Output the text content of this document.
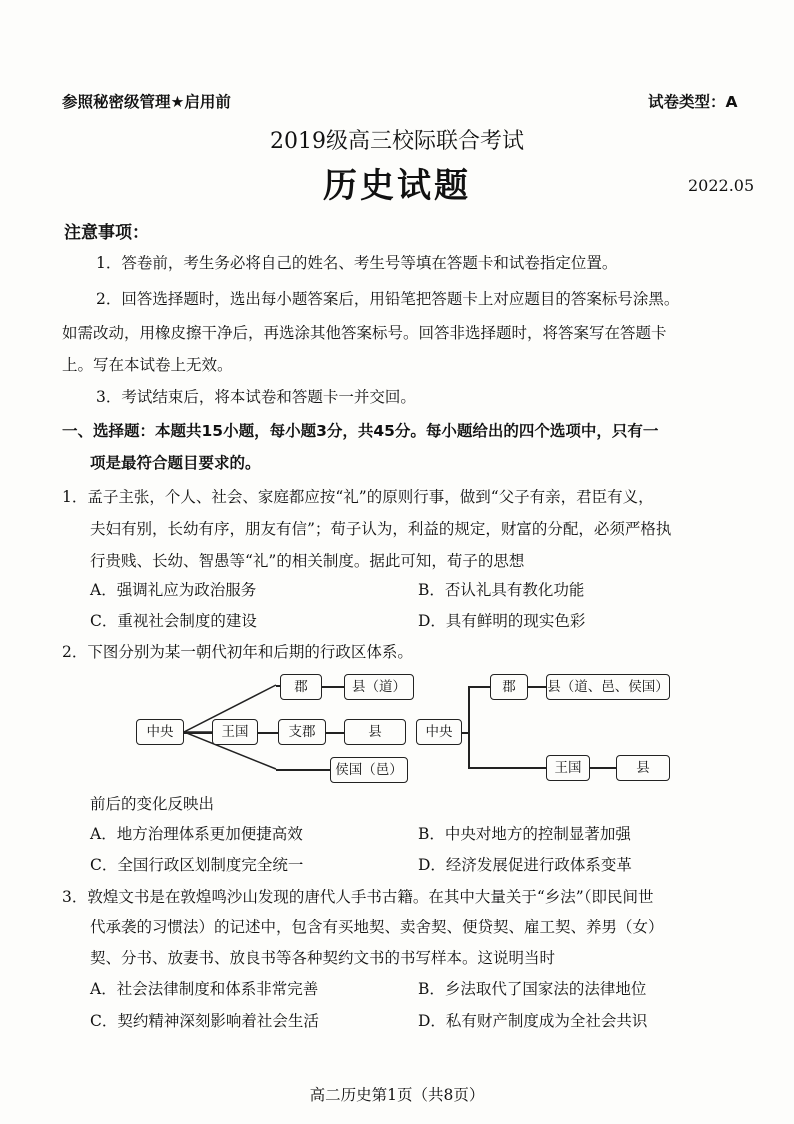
参照秘密级管理★启用前	试卷类型：A
2019级高三校际联合考试
历史试题	2022.05
注意事项：
1．答卷前，考生务必将自己的姓名、考生号等填在答题卡和试卷指定位置。
2．回答选择题时，选出每小题答案后，用铅笔把答题卡上对应题目的答案标号涂黑。
如需改动，用橡皮擦干净后，再选涂其他答案标号。回答非选择题时，将答案写在答题卡
上。写在本试卷上无效。
3．考试结束后，将本试卷和答题卡一并交回。
一、选择题：本题共15小题，每小题3分，共45分。每小题给出的四个选项中，只有一
项是最符合题目要求的。
1．孟子主张，个人、社会、家庭都应按“礼”的原则行事，做到“父子有亲，君臣有义，
夫妇有别，长幼有序，朋友有信”；荀子认为，利益的规定，财富的分配，必须严格执
行贵贱、长幼、智愚等“礼”的相关制度。据此可知，荀子的思想
A．强调礼应为政治服务	B．否认礼具有教化功能
C．重视社会制度的建设	D．具有鲜明的现实色彩
2．下图分别为某一朝代初年和后期的行政区体系。
中央
郡	县（道）
王国	支郡	县
侯国（邑）
中央
郡	县（道、邑、侯国）
王国	县
前后的变化反映出
A．地方治理体系更加便捷高效	B．中央对地方的控制显著加强
C．全国行政区划制度完全统一	D．经济发展促进行政体系变革
3．敦煌文书是在敦煌鸣沙山发现的唐代人手书古籍。在其中大量关于“乡法”（即民间世
代承袭的习惯法）的记述中，包含有买地契、卖舍契、便贷契、雇工契、养男（女）
契、分书、放妻书、放良书等各种契约文书的书写样本。这说明当时
A．社会法律制度和体系非常完善	B．乡法取代了国家法的法律地位
C．契约精神深刻影响着社会生活	D．私有财产制度成为全社会共识
高二历史第1页（共8页）
